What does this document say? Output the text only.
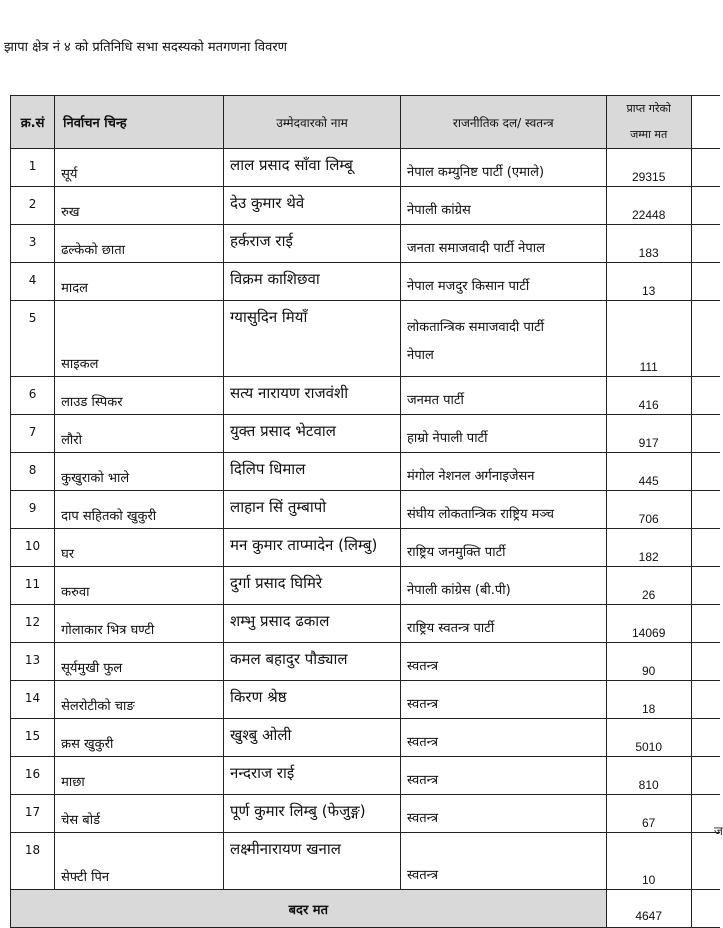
झापा क्षेत्र नं ४ को प्रतिनिधि सभा सदस्यको मतगणना विवरण
क्र.सं	निर्वाचन चिन्ह	उम्मेदवारको नाम	राजनीतिक दल/ स्वतन्त्र	प्राप्त गरेको
जम्मा मत	

1	सूर्य	लाल प्रसाद साँवा लिम्बू	नेपाल कम्युनिष्ट पार्टी (एमाले)	29315	
2	रुख	देउ कुमार थेवे	नेपाली कांग्रेस	22448	
3	ढल्केको छाता	हर्कराज राई	जनता समाजवादी पार्टी नेपाल	183	
4	मादल	विक्रम काशिछवा	नेपाल मजदुर किसान पार्टी	13	
5	साइकल	ग्यासुदिन मियाँ	लोकतान्त्रिक समाजवादी पार्टी
नेपाल	111	
6	लाउड स्पिकर	सत्य नारायण राजवंशी	जनमत पार्टी	416	
7	लौरो	युक्त प्रसाद भेटवाल	हाम्रो नेपाली पार्टी	917	
8	कुखुराको भाले	दिलिप धिमाल	मंगोल नेशनल अर्गनाइजेसन	445	
9	दाप सहितको खुकुरी	लाहान सिं तुम्बापो	संघीय लोकतान्त्रिक राष्ट्रिय मञ्च	706	
10	घर	मन कुमार ताप्मादेन (लिम्बु)	राष्ट्रिय जनमुक्ति पार्टी	182	
11	करुवा	दुर्गा प्रसाद घिमिरे	नेपाली कांग्रेस (बी.पी)	26	
12	गोलाकार भित्र घण्टी	शम्भु प्रसाद ढकाल	राष्ट्रिय स्वतन्त्र पार्टी	14069	
13	सूर्यमुखी फुल	कमल बहादुर पौड्याल	स्वतन्त्र	90	
14	सेलरोटीको चाङ	किरण श्रेष्ठ	स्वतन्त्र	18	
15	क्रस खुकुरी	खुश्बु ओली	स्वतन्त्र	5010	
16	माछा	नन्दराज राई	स्वतन्त्र	810	
17	चेस बोर्ड	पूर्ण कुमार लिम्बु (फेजुङ्ग)	स्वतन्त्र	67	
18	सेफ्टी पिन	लक्ष्मीनारायण खनाल	स्वतन्त्र	10	
बदर मत				4647	
ज
